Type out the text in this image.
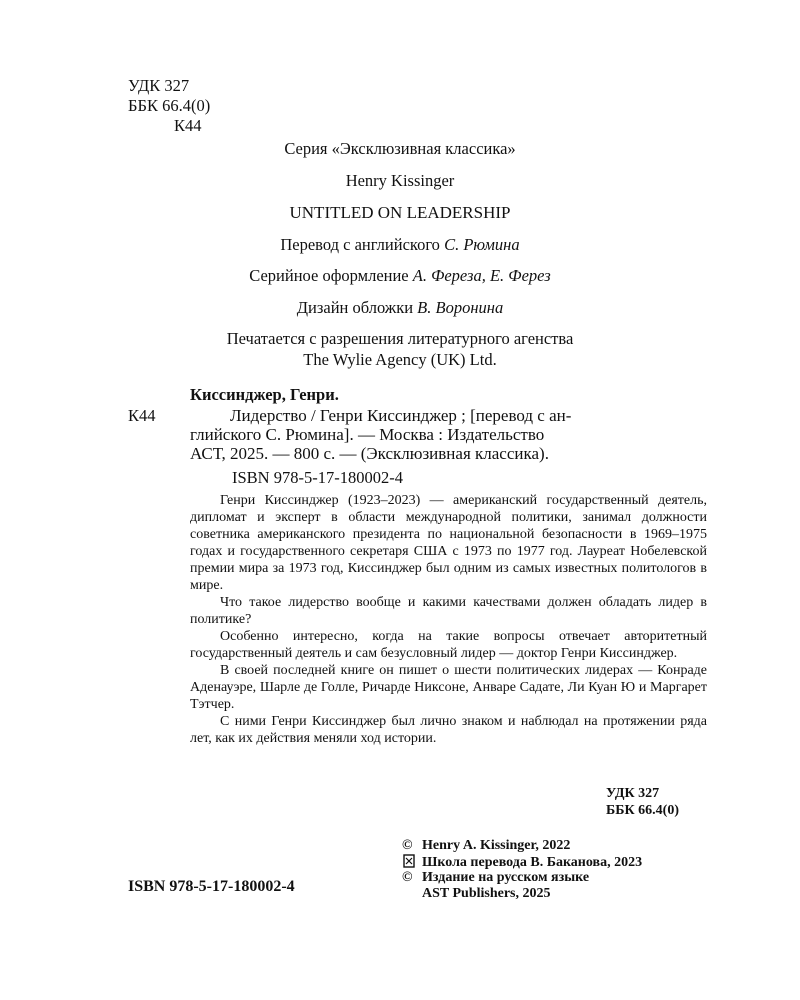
УДК 327
ББК 66.4(0)
К44
Серия «Эксклюзивная классика»
Henry Kissinger
UNTITLED ON LEADERSHIP
Перевод с английского С. Рюмина
Серийное оформление А. Фереза, Е. Ферез
Дизайн обложки В. Воронина
Печатается с разрешения литературного агенства
The Wylie Agency (UK) Ltd.
Киссинджер, Генри.
К44	Лидерство / Генри Киссинджер ; [перевод с ан-
глийского С. Рюмина]. — Москва : Издательство
АСТ, 2025. — 800 с. — (Эксклюзивная классика).
ISBN 978-5-17-180002-4

Генри Киссинджер (1923–2023) — американский государственный деятель, дипломат и эксперт в области международной политики, занимал должности советника американского президента по национальной безопасности в 1969–1975 годах и государственного секретаря США с 1973 по 1977 год. Лауреат Нобелевской премии мира за 1973 год, Киссинджер был одним из самых известных политологов в мире.

Что такое лидерство вообще и какими качествами должен обладать лидер в политике?

Особенно интересно, когда на такие вопросы отвечает авторитетный государственный деятель и сам безусловный лидер — доктор Генри Киссинджер.

В своей последней книге он пишет о шести политических лидерах — Конраде Аденауэре, Шарле де Голле, Ричарде Никсоне, Анваре Садате, Ли Куан Ю и Маргарет Тэтчер.

С ними Генри Киссинджер был лично знаком и наблюдал на протяжении ряда лет, как их действия меняли ход истории.

УДК 327
ББК 66.4(0)
ISBN 978-5-17-180002-4
© Henry A. Kissinger, 2022
Школа перевода В. Баканова, 2023
© Издание на русском языке
AST Publishers, 2025
